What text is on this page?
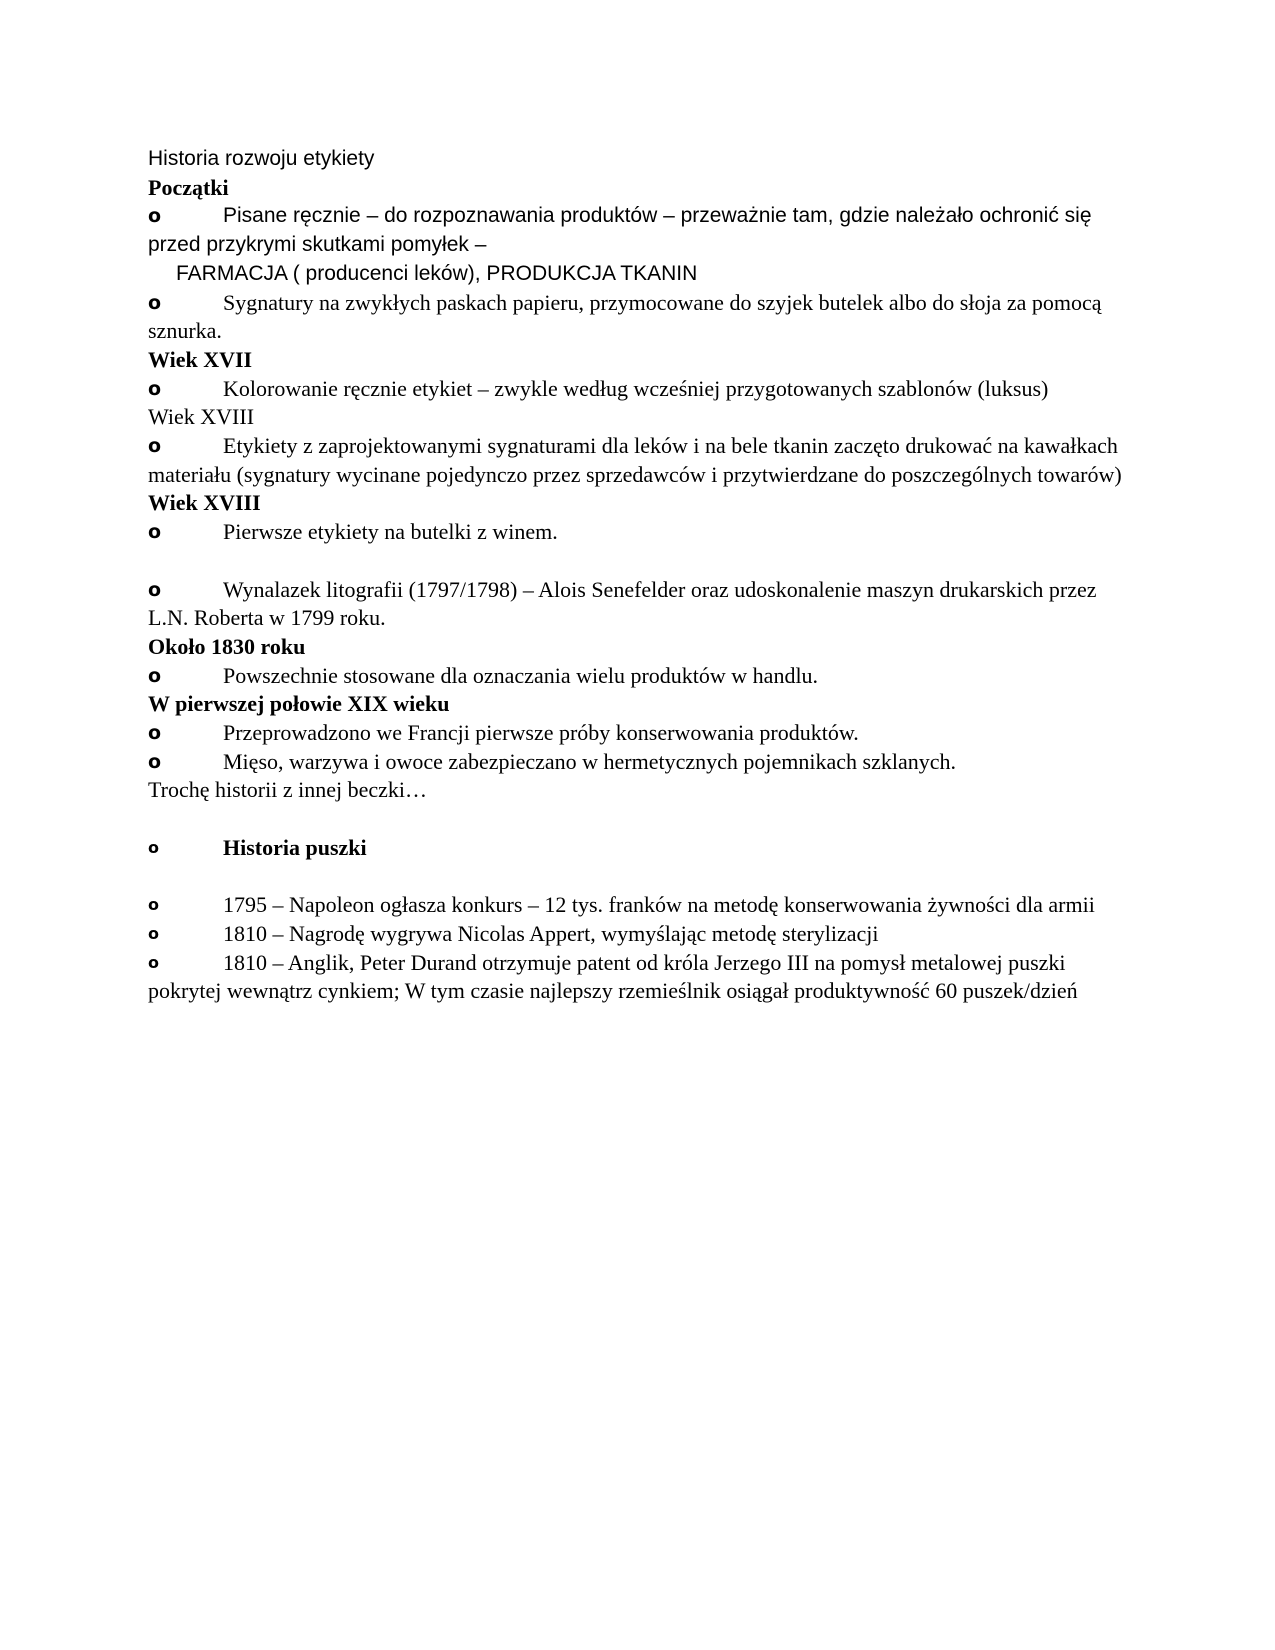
Historia rozwoju etykiety

Początki

o	Pisane ręcznie – do rozpoznawania produktów – przeważnie tam, gdzie należało ochronić się przed przykrymi skutkami pomyłek –

FARMACJA ( producenci leków), PRODUKCJA TKANIN

o	Sygnatury na zwykłych paskach papieru, przymocowane do szyjek butelek albo do słoja za pomocą sznurka.

Wiek XVII

o	Kolorowanie ręcznie etykiet – zwykle według wcześniej przygotowanych szablonów (luksus)

Wiek XVIII

o	Etykiety z zaprojektowanymi sygnaturami dla leków i na bele tkanin zaczęto drukować na kawałkach materiału (sygnatury wycinane pojedynczo przez sprzedawców i przytwierdzane do poszczególnych towarów)

Wiek XVIII

o	Pierwsze etykiety na butelki z winem.

o	Wynalazek litografii (1797/1798) – Alois Senefelder oraz udoskonalenie maszyn drukarskich przez L.N. Roberta w 1799 roku.

Około 1830 roku

o	Powszechnie stosowane dla oznaczania wielu produktów w handlu.

W pierwszej połowie XIX wieku

o	Przeprowadzono we Francji pierwsze próby konserwowania produktów.

o	Mięso, warzywa i owoce zabezpieczano w hermetycznych pojemnikach szklanych.

Trochę historii z innej beczki…

o	Historia puszki

o	1795 – Napoleon ogłasza konkurs – 12 tys. franków na metodę konserwowania żywności dla armii

o	1810 – Nagrodę wygrywa Nicolas Appert, wymyślając metodę sterylizacji

o	1810 – Anglik, Peter Durand otrzymuje patent od króla Jerzego III na pomysł metalowej puszki pokrytej wewnątrz cynkiem; W tym czasie najlepszy rzemieślnik osiągał produktywność 60 puszek/dzień
